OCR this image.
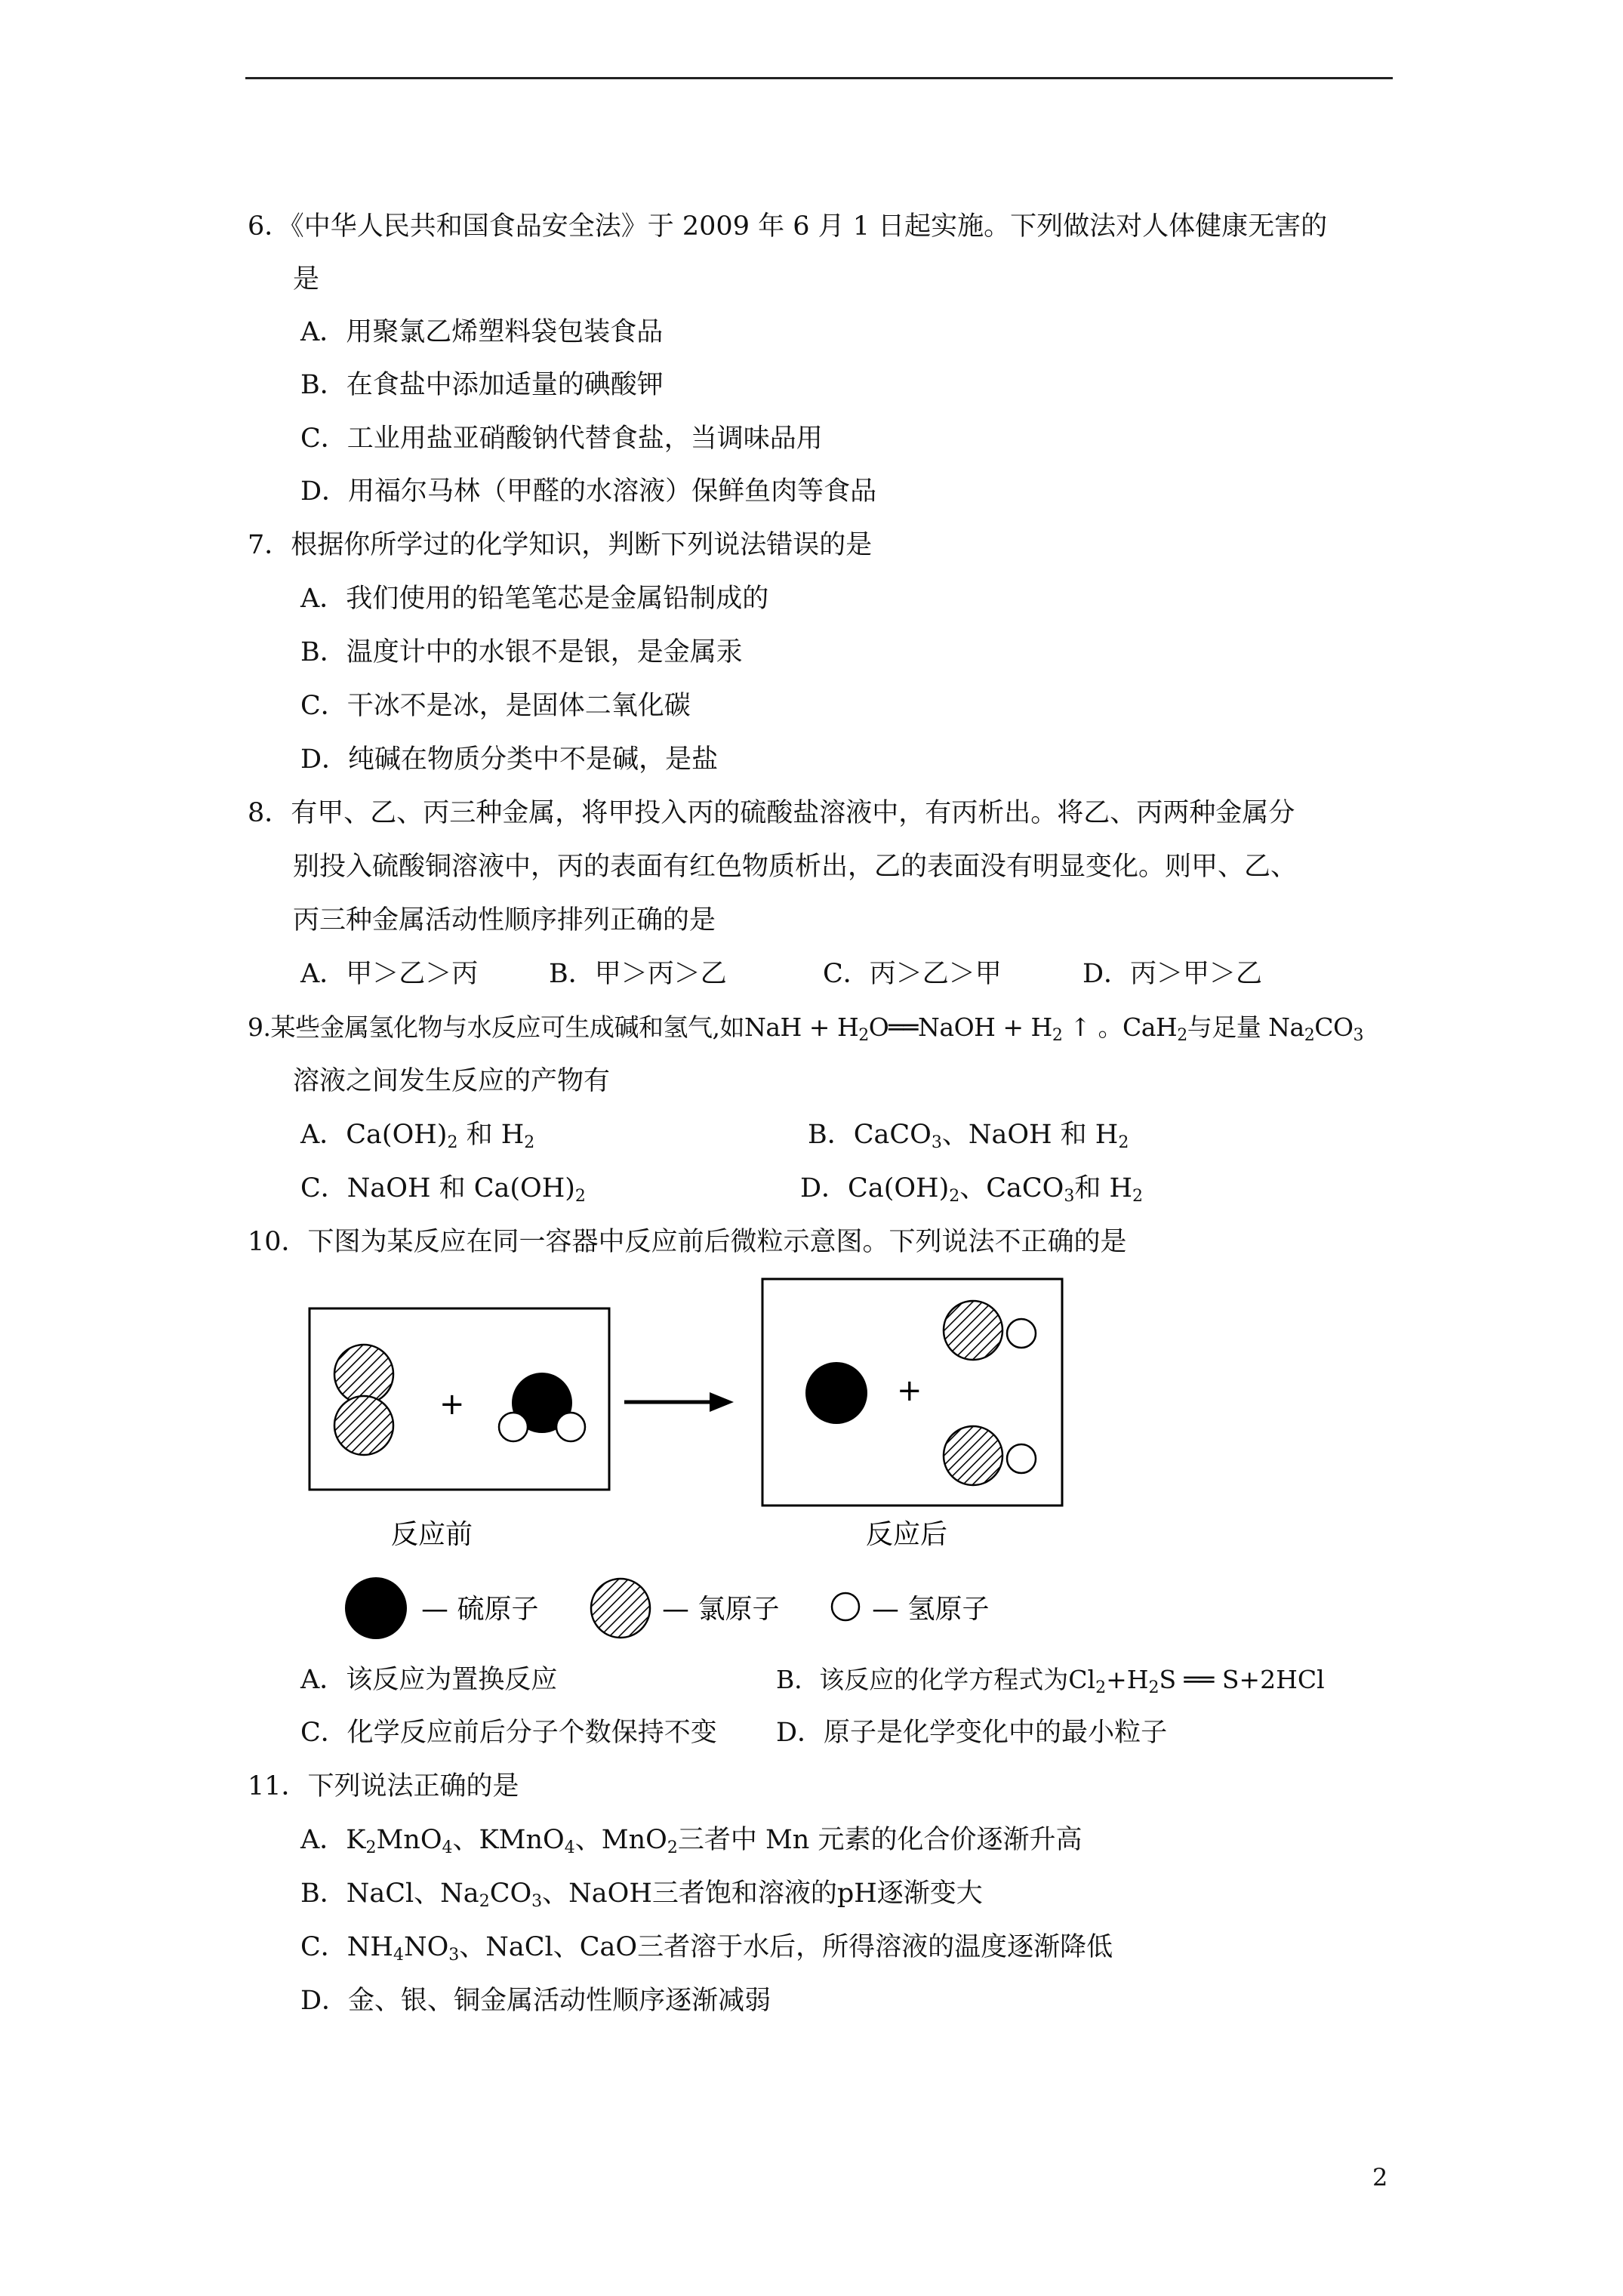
6．《中华人民共和国食品安全法》于 2009 年 6 月 1 日起实施。下列做法对人体健康无害的
是
A．用聚氯乙烯塑料袋包装食品
B．在食盐中添加适量的碘酸钾
C．工业用盐亚硝酸钠代替食盐，当调味品用
D．用福尔马林（甲醛的水溶液）保鲜鱼肉等食品
7．根据你所学过的化学知识，判断下列说法错误的是
A．我们使用的铅笔笔芯是金属铅制成的
B．温度计中的水银不是银，是金属汞
C．干冰不是冰，是固体二氧化碳
D．纯碱在物质分类中不是碱，是盐
8．有甲、乙、丙三种金属，将甲投入丙的硫酸盐溶液中，有丙析出。将乙、丙两种金属分
别投入硫酸铜溶液中，丙的表面有红色物质析出，乙的表面没有明显变化。则甲、乙、
丙三种金属活动性顺序排列正确的是
A．甲＞乙＞丙	B．甲＞丙＞乙	C．丙＞乙＞甲	D．丙＞甲＞乙
9.某些金属氢化物与水反应可生成碱和氢气,如NaH + $H_2O══NaOH + H_2$ ↑ 。CaH$_2$与足量 $Na_2CO_3$
溶液之间发生反应的产物有
A．$Ca(OH)_2$ 和 $H_2$	B．CaCO$_3$、NaOH 和 $H_2$
C．NaOH 和 $Ca(OH)_2$	D．$Ca(OH)_2$、CaCO$_3$和 $H_2$
10．下图为某反应在同一容器中反应前后微粒示意图。下列说法不正确的是
+	+
反应前	反应后
— 硫原子	— 氯原子	— 氢原子
A．该反应为置换反应	B．该反应的化学方程式为$Cl_2+H_2S$ ══ S+2HCl
C．化学反应前后分子个数保持不变 D．原子是化学变化中的最小粒子
11．下列说法正确的是
A．$K_2MnO_4$、KMnO$_4$、MnO$_2$三者中 Mn 元素的化合价逐渐升高
B．NaCl、$Na_2CO_3$、NaOH三者饱和溶液的pH逐渐变大
C．$NH_4NO_3$、NaCl、CaO三者溶于水后，所得溶液的温度逐渐降低
D．金、银、铜金属活动性顺序逐渐减弱
2
